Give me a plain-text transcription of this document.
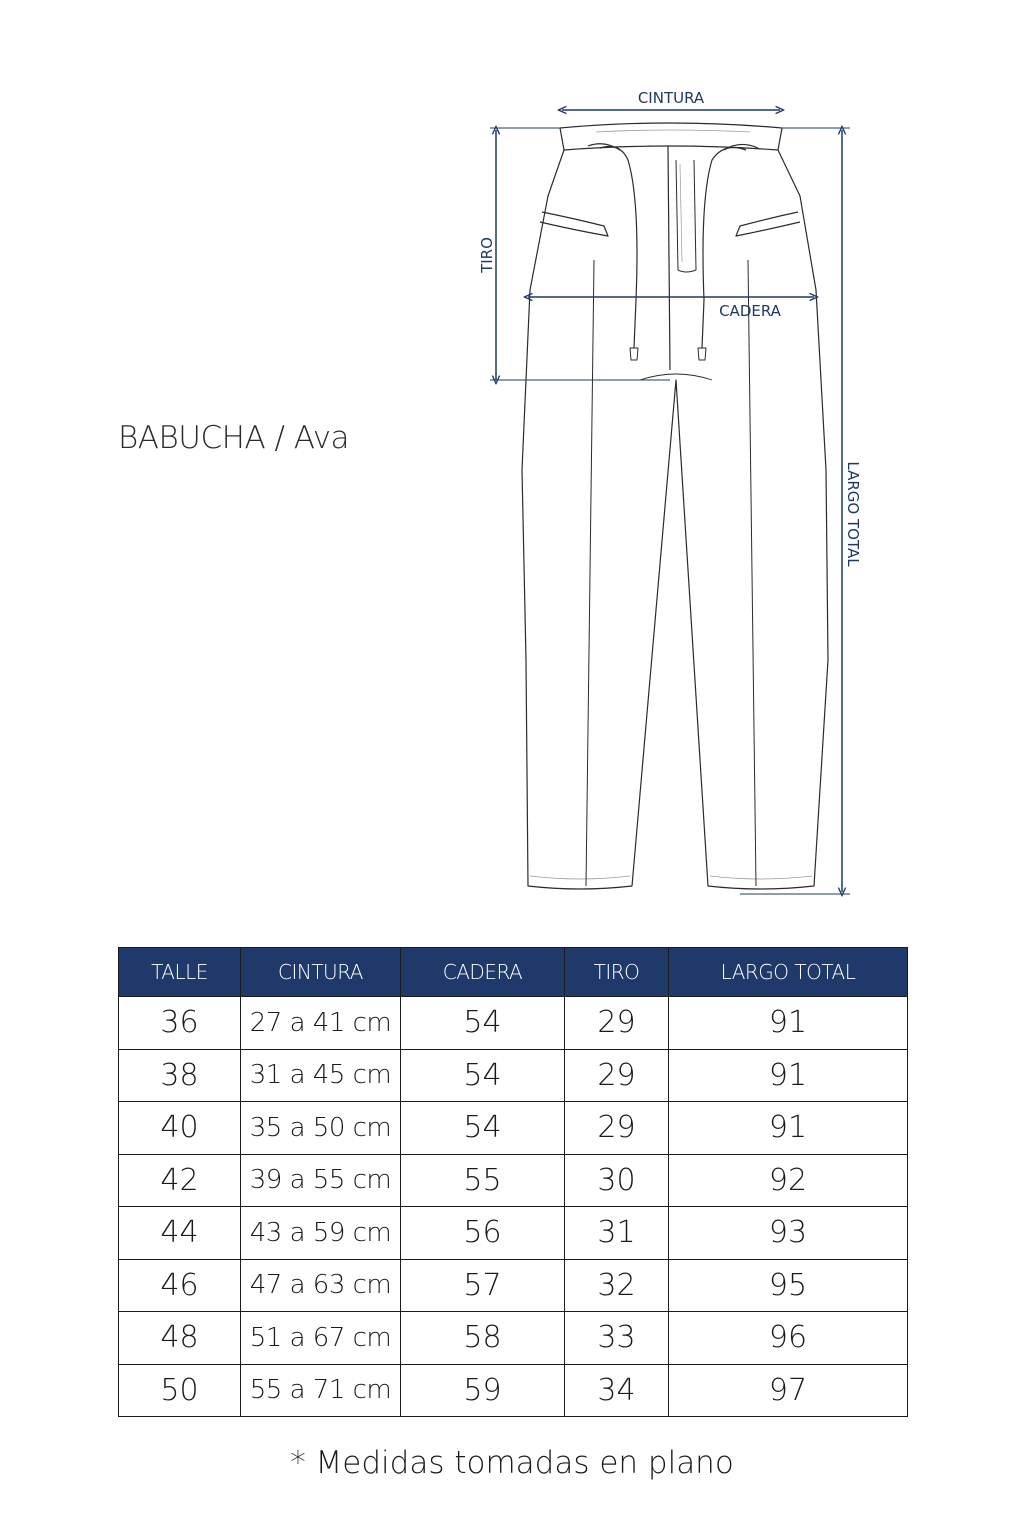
BABUCHA / Ava
CINTURA
CADERA
TIRO
LARGO TOTAL
TALLE	CINTURA	CADERA	TIRO	LARGO TOTAL
36	27 a 41 cm	54	29	91
38	31 a 45 cm	54	29	91
40	35 a 50 cm	54	29	91
42	39 a 55 cm	55	30	92
44	43 a 59 cm	56	31	93
46	47 a 63 cm	57	32	95
48	51 a 67 cm	58	33	96
50	55 a 71 cm	59	34	97

* Medidas tomadas en plano
